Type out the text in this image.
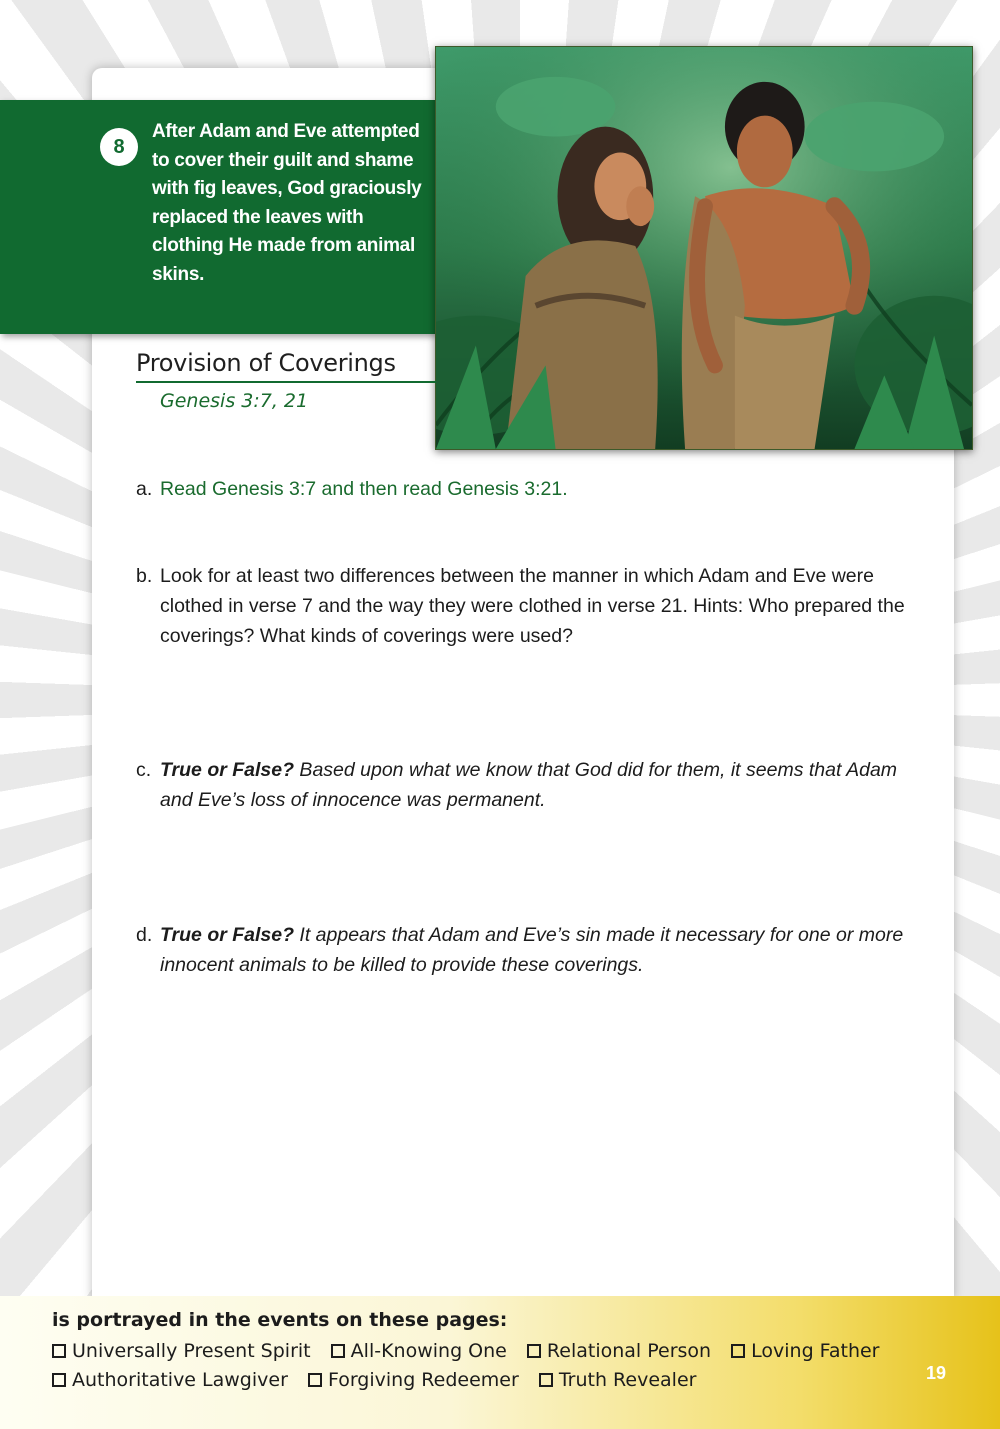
8
After Adam and Eve attempted to cover their guilt and shame with fig leaves, God graciously replaced the leaves with clothing He made from animal skins.
Provision of Coverings
Genesis 3:7, 21
a. Read Genesis 3:7 and then read Genesis 3:21.
b. Look for at least two differences between the manner in which Adam and Eve were clothed in verse 7 and the way they were clothed in verse 21. Hints: Who prepared the coverings? What kinds of coverings were used?
c. True or False? Based upon what we know that God did for them, it seems that Adam and Eve’s loss of innocence was permanent.
d. True or False? It appears that Adam and Eve’s sin made it necessary for one or more innocent animals to be killed to provide these coverings.
is portrayed in the events on these pages:
Universally Present Spirit All-Knowing One Relational Person Loving Father
Authoritative Lawgiver Forgiving Redeemer Truth Revealer	19
